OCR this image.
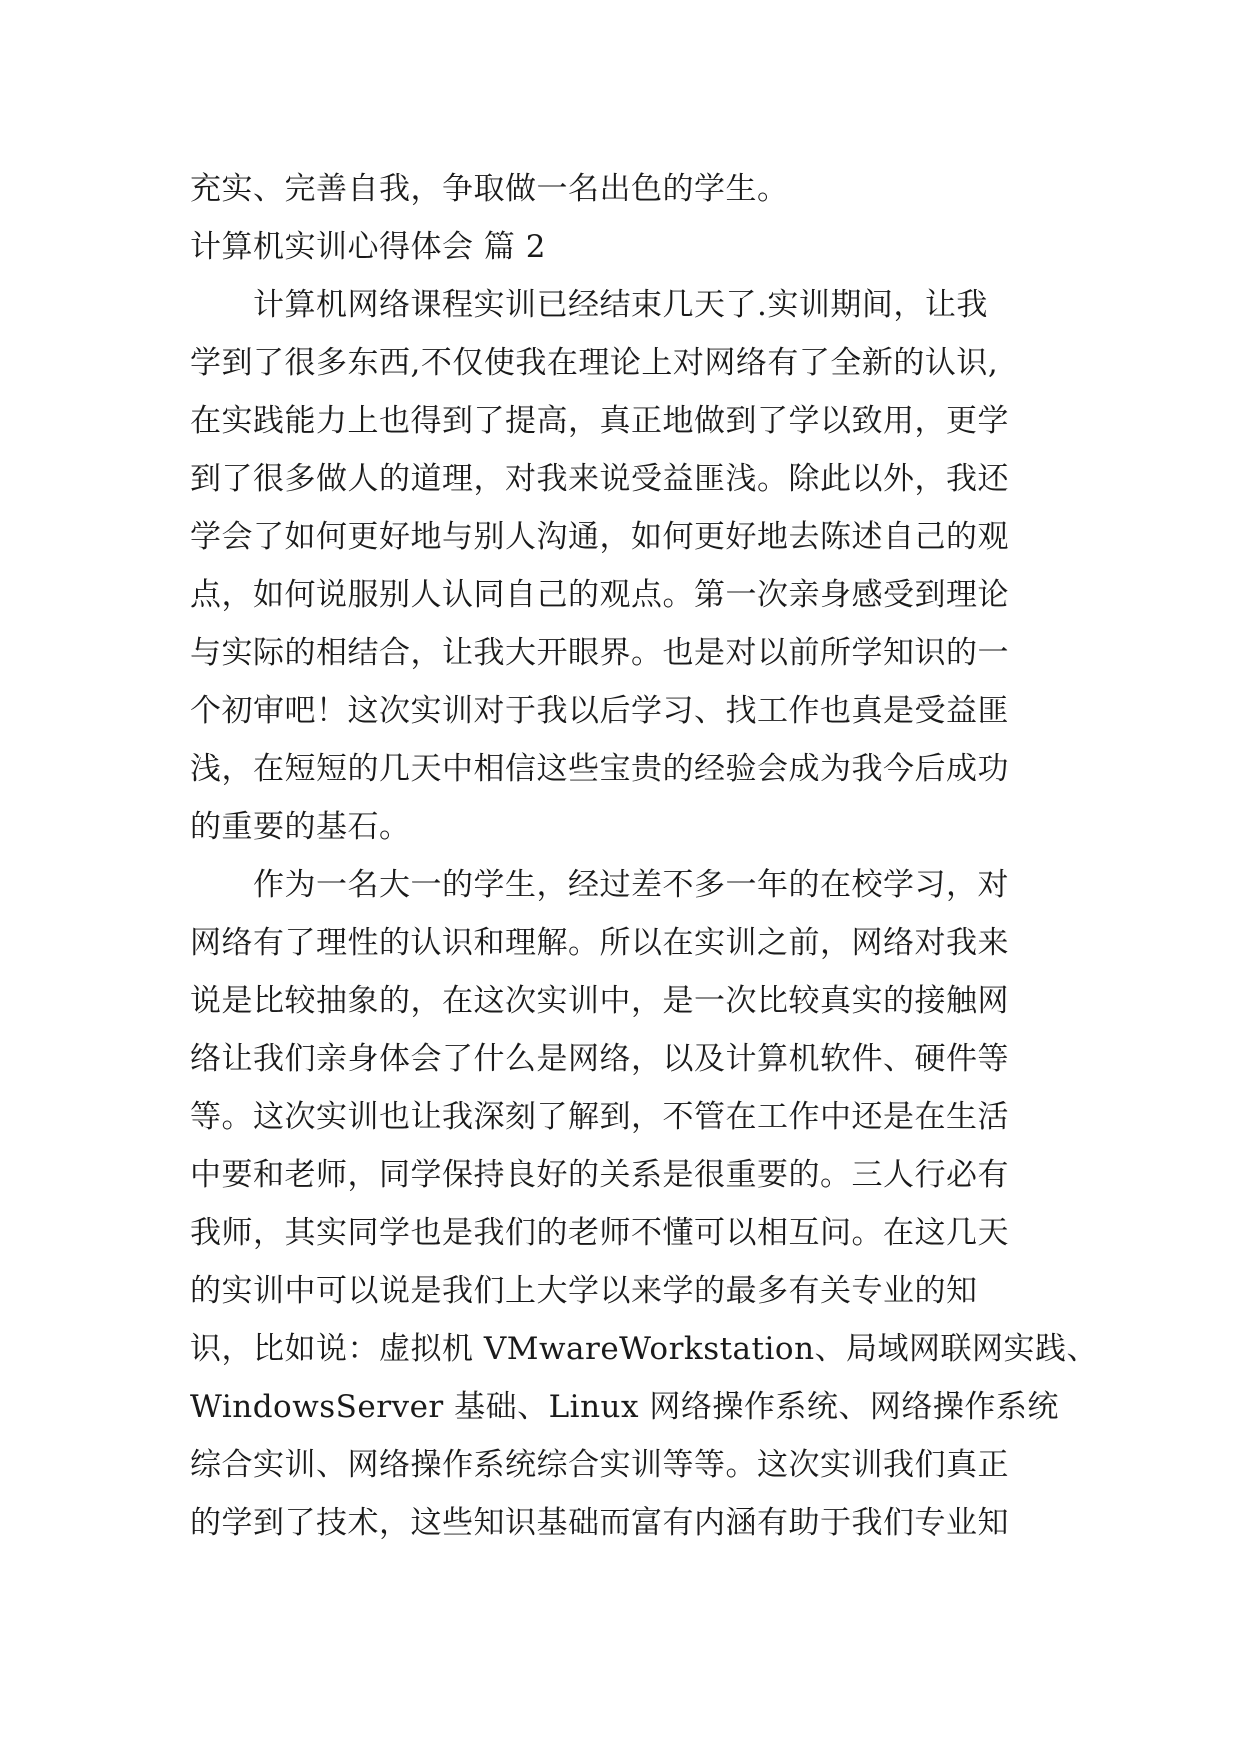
充实、完善自我，争取做一名出色的学生。
计算机实训心得体会 篇 2
　　计算机网络课程实训已经结束几天了.实训期间，让我
学到了很多东西,不仅使我在理论上对网络有了全新的认识,
在实践能力上也得到了提高，真正地做到了学以致用，更学
到了很多做人的道理，对我来说受益匪浅。除此以外，我还
学会了如何更好地与别人沟通，如何更好地去陈述自己的观
点，如何说服别人认同自己的观点。第一次亲身感受到理论
与实际的相结合，让我大开眼界。也是对以前所学知识的一
个初审吧！这次实训对于我以后学习、找工作也真是受益匪
浅，在短短的几天中相信这些宝贵的经验会成为我今后成功
的重要的基石。
　　作为一名大一的学生，经过差不多一年的在校学习，对
网络有了理性的认识和理解。所以在实训之前，网络对我来
说是比较抽象的，在这次实训中，是一次比较真实的接触网
络让我们亲身体会了什么是网络，以及计算机软件、硬件等
等。这次实训也让我深刻了解到，不管在工作中还是在生活
中要和老师，同学保持良好的关系是很重要的。三人行必有
我师，其实同学也是我们的老师不懂可以相互问。在这几天
的实训中可以说是我们上大学以来学的最多有关专业的知
识，比如说：虚拟机 VMwareWorkstation、局域网联网实践、
WindowsServer 基础、Linux 网络操作系统、网络操作系统
综合实训、网络操作系统综合实训等等。这次实训我们真正
的学到了技术，这些知识基础而富有内涵有助于我们专业知
